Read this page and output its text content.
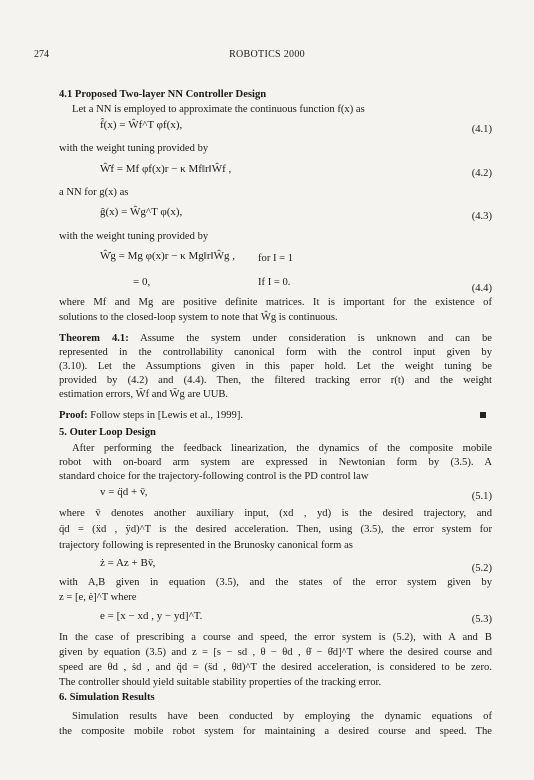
274	ROBOTICS 2000
4.1 Proposed Two-layer NN Controller Design
Let a NN is employed to approximate the continuous function f(x) as
f̂(x) = Ŵf^T φf(x),	(4.1)
with the weight tuning provided by
Ŵ̇f = Mf φf(x)r − κ Mf‖r‖Ŵf ,	(4.2)
a NN for g(x) as
ĝ(x) = Ŵg^T φ(x),	(4.3)
with the weight tuning provided by
Ŵ̇g = Mg φ(x)r − κ Mg‖r‖Ŵg , for I = 1
= 0,	If I = 0.
(4.4)
where Mf and Mg are positive definite matrices. It is important for the existence of
solutions to the closed-loop system to note that Ŵg is continuous.
Theorem 4.1: Assume the system under consideration is unknown and can be
represented in the controllability canonical form with the control input given by
(3.10). Let the Assumptions given in this paper hold. Let the weight tuning be
provided by (4.2) and (4.4). Then, the filtered tracking error r(t) and the weight
estimation errors, W̃f and W̃g are UUB.
Proof: Follow steps in [Lewis et al., 1999].
5. Outer Loop Design
After performing the feedback linearization, the dynamics of the composite mobile
robot with on-board arm system are expressed in Newtonian form by (3.5). A
standard choice for the trajectory-following control is the PD control law
v = q̈d + v̄,	(5.1)
where v̄ denotes another auxiliary input, (xd , yd) is the desired trajectory, and
q̈d = (ẍd , ÿd)^T is the desired acceleration. Then, using (3.5), the error system for
trajectory following is represented in the Brunosky canonical form as
ż = Az + Bv̄,	(5.2)
with A,B given in equation (3.5), and the states of the error system given by
z = [e, ė]^T where
e = [x − xd , y − yd]^T.	(5.3)
In the case of prescribing a course and speed, the error system is (5.2), with A and B
given by equation (3.5) and z = [s − sd , θ − θd , θ̇ − θ̇d]^T where the desired course and
speed are θd , ṡd , and q̈d = (s̈d , θ̈d)^T the desired acceleration, is considered to be zero.
The controller should yield suitable stability properties of the tracking error.
6. Simulation Results
Simulation results have been conducted by employing the dynamic equations of
the composite mobile robot system for maintaining a desired course and speed. The
